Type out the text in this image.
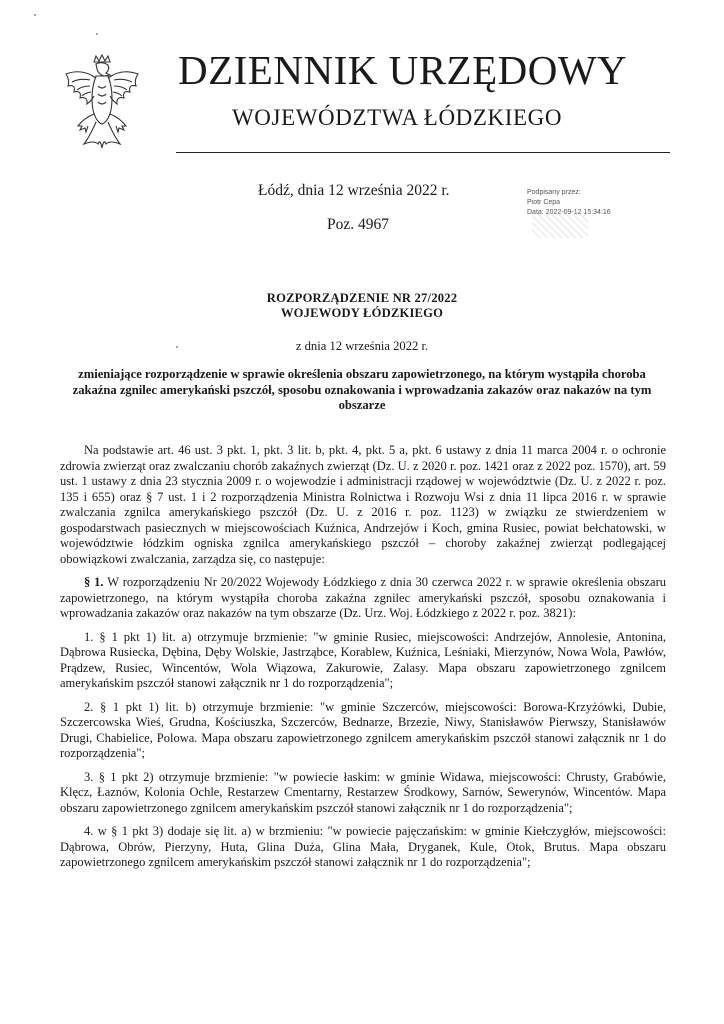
DZIENNIK URZĘDOWY
WOJEWÓDZTWA ŁÓDZKIEGO
Łódź, dnia 12 września 2022 r.
Poz. 4967
Podpisany przez:
Piotr Cepa
Data: 2022-09-12 15:34:16
ROZPORZĄDZENIE NR 27/2022
WOJEWODY ŁÓDZKIEGO
z dnia 12 września 2022 r.
zmieniające rozporządzenie w sprawie określenia obszaru zapowietrzonego, na którym wystąpiła choroba zakaźna zgnilec amerykański pszczół, sposobu oznakowania i wprowadzania zakazów oraz nakazów na tym obszarze

Na podstawie art. 46 ust. 3 pkt. 1, pkt. 3 lit. b, pkt. 4, pkt. 5 a, pkt. 6 ustawy z dnia 11 marca 2004 r. o ochronie zdrowia zwierząt oraz zwalczaniu chorób zakaźnych zwierząt (Dz. U. z 2020 r. poz. 1421 oraz z 2022 poz. 1570), art. 59 ust. 1 ustawy z dnia 23 stycznia 2009 r. o wojewodzie i administracji rządowej w województwie (Dz. U. z 2022 r. poz. 135 i 655) oraz § 7 ust. 1 i 2 rozporządzenia Ministra Rolnictwa i Rozwoju Wsi z dnia 11 lipca 2016 r. w sprawie zwalczania zgnilca amerykańskiego pszczół (Dz. U. z 2016 r. poz. 1123) w związku ze stwierdzeniem w gospodarstwach pasiecznych w miejscowościach Kuźnica, Andrzejów i Koch, gmina Rusiec, powiat bełchatowski, w województwie łódzkim ogniska zgnilca amerykańskiego pszczół – choroby zakaźnej zwierząt podlegającej obowiązkowi zwalczania, zarządza się, co następuje:

§ 1. W rozporządzeniu Nr 20/2022 Wojewody Łódzkiego z dnia 30 czerwca 2022 r. w sprawie określenia obszaru zapowietrzonego, na którym wystąpiła choroba zakaźna zgnilec amerykański pszczół, sposobu oznakowania i wprowadzania zakazów oraz nakazów na tym obszarze (Dz. Urz. Woj. Łódzkiego z 2022 r. poz. 3821):

1. § 1 pkt 1) lit. a) otrzymuje brzmienie: "w gminie Rusiec, miejscowości: Andrzejów, Annolesie, Antonina, Dąbrowa Rusiecka, Dębina, Dęby Wolskie, Jastrząbce, Korablew, Kuźnica, Leśniaki, Mierzynów, Nowa Wola, Pawłów, Prądzew, Rusiec, Wincentów, Wola Wiązowa, Zakurowie, Zalasy. Mapa obszaru zapowietrzonego zgnilcem amerykańskim pszczół stanowi załącznik nr 1 do rozporządzenia";

2. § 1 pkt 1) lit. b) otrzymuje brzmienie: "w gminie Szczerców, miejscowości: Borowa-Krzyżówki, Dubie, Szczercowska Wieś, Grudna, Kościuszka, Szczerców, Bednarze, Brzezie, Niwy, Stanisławów Pierwszy, Stanisławów Drugi, Chabielice, Polowa. Mapa obszaru zapowietrzonego zgnilcem amerykańskim pszczół stanowi załącznik nr 1 do rozporządzenia";

3. § 1 pkt 2) otrzymuje brzmienie: "w powiecie łaskim: w gminie Widawa, miejscowości: Chrusty, Grabówie, Klęcz, Łaznów, Kolonia Ochle, Restarzew Cmentarny, Restarzew Środkowy, Sarnów, Sewerynów, Wincentów. Mapa obszaru zapowietrzonego zgnilcem amerykańskim pszczół stanowi załącznik nr 1 do rozporządzenia";

4. w § 1 pkt 3) dodaje się lit. a) w brzmieniu: "w powiecie pajęczańskim: w gminie Kiełczygłów, miejscowości: Dąbrowa, Obrów, Pierzyny, Huta, Glina Duża, Glina Mała, Dryganek, Kule, Otok, Brutus. Mapa obszaru zapowietrzonego zgnilcem amerykańskim pszczół stanowi załącznik nr 1 do rozporządzenia";
